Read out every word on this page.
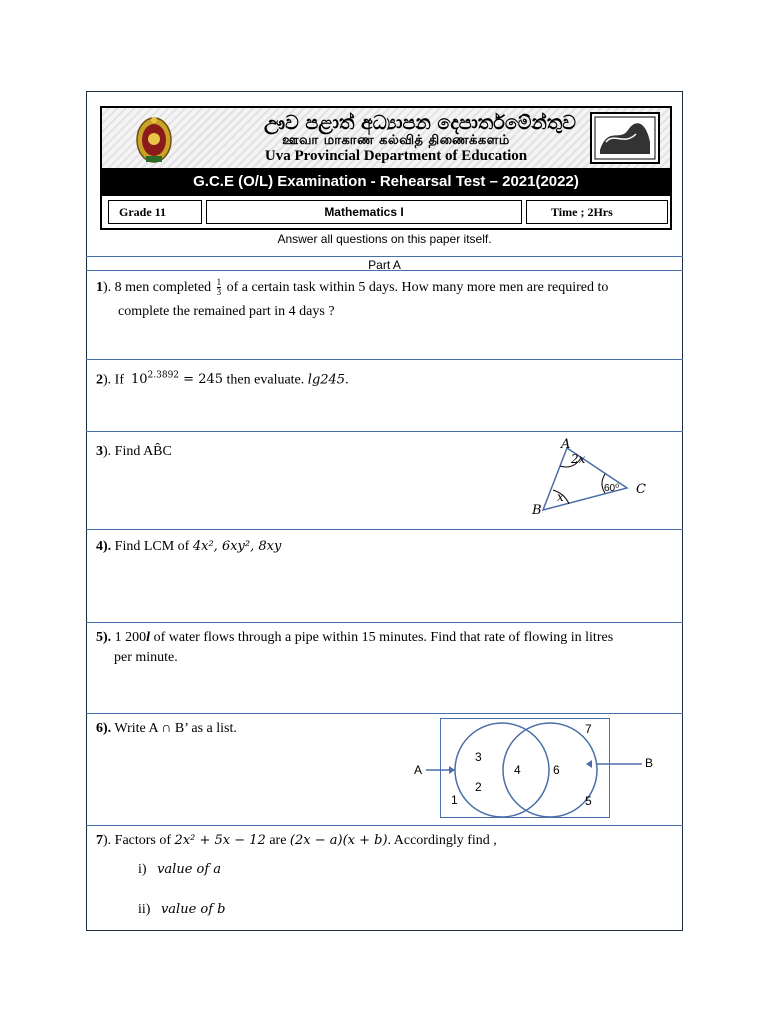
ඌව පළාත් අධ්‍යාපන දෙපාර්තමේන්තුව
ஊவா மாகாண கல்வித் திணைக்களம்
Uva Provincial Department of Education
G.C.E (O/L) Examination - Rehearsal Test – 2021(2022)
Grade 11	Mathematics I	Time ; 2Hrs
Answer all questions on this paper itself.
Part A
1). 8 men completed $\frac{1}{3}$ of a certain task within 5 days. How many more men are required to
complete the remained part in 4 days ?
2). If $10^{2.3892} = 245$ then evaluate. lg245.
3). Find AB̂C	A
B
C
2x
x
60⁰
4). Find LCM of 4x², 6xy², 8xy
5). 1 200l of water flows through a pipe within 15 minutes. Find that rate of flowing in litres
per minute.
6). Write A ∩ B’ as a list.
A	B
3
2
4	6
7
1	5
7). Factors of 2x² + 5x − 12 are (2x − a)(x + b). Accordingly find ,
i) value of a
ii) value of b
